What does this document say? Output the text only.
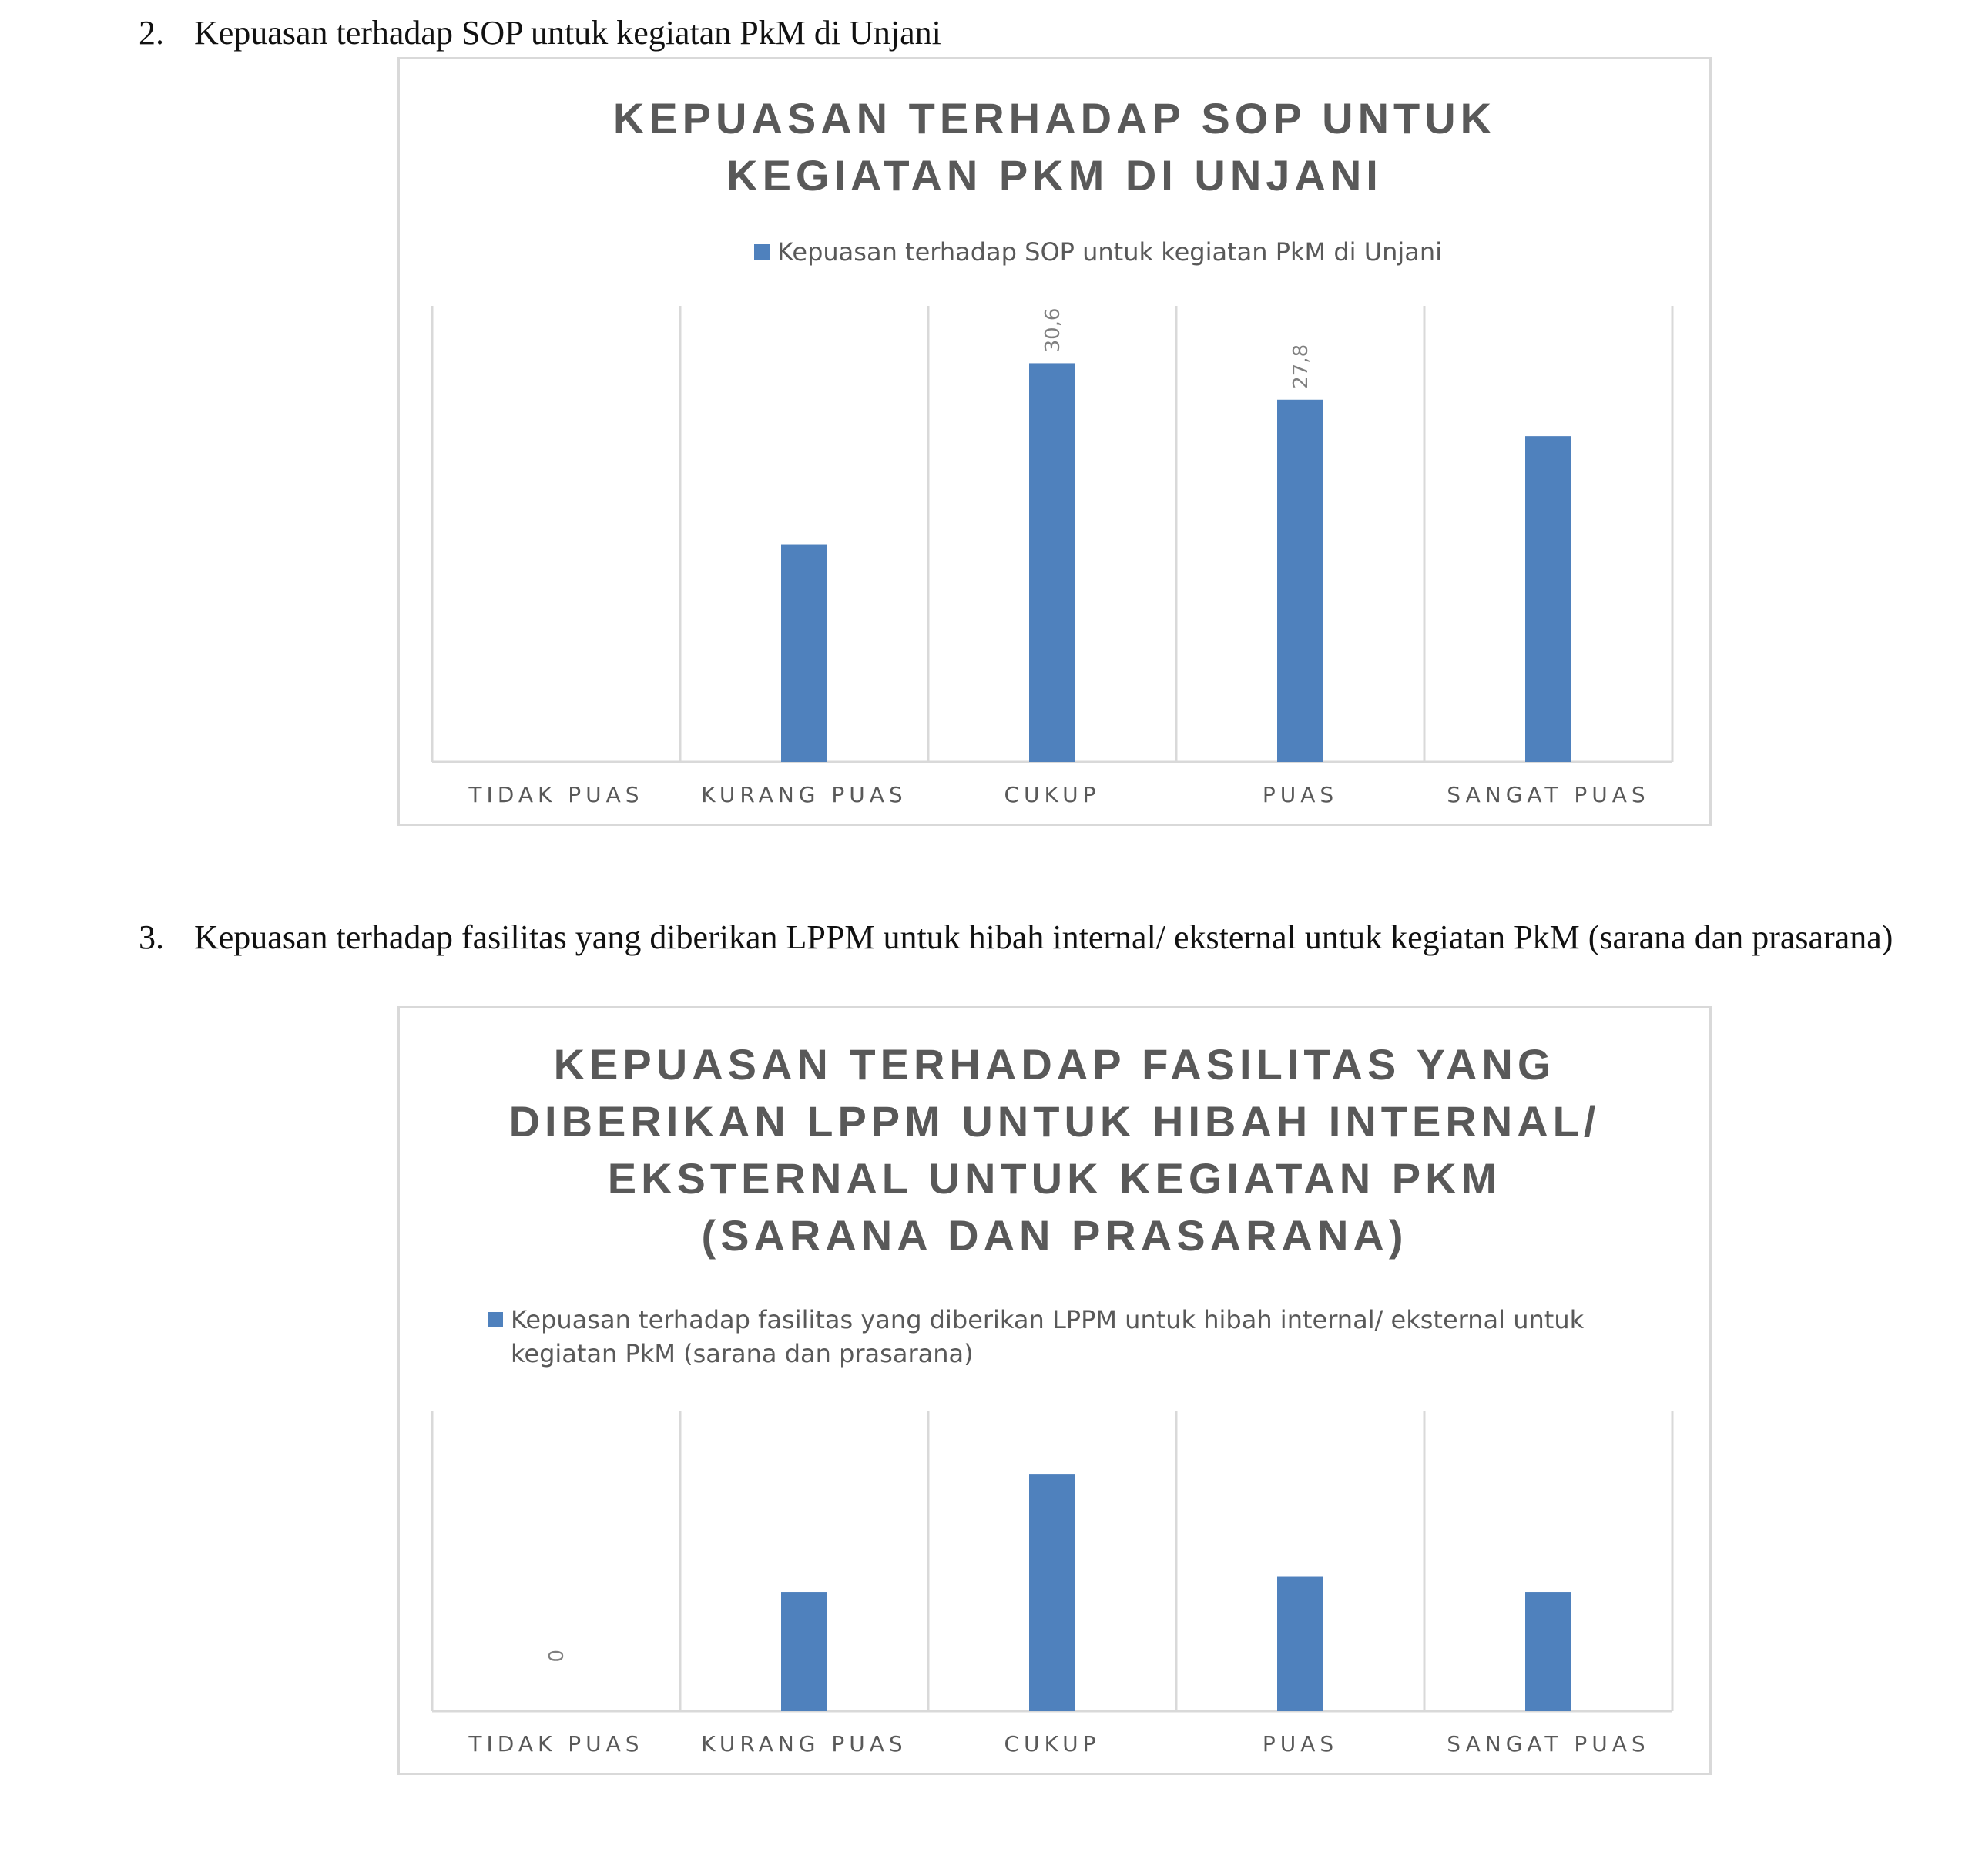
2. Kepuasan terhadap SOP untuk kegiatan PkM di Unjani
KEPUASAN TERHADAP SOP UNTUK
KEGIATAN PKM DI UNJANI
Kepuasan terhadap SOP untuk kegiatan PkM di Unjani
TIDAK PUAS	KURANG PUAS
30,6
CUKUP
27,8
PUAS	SANGAT PUAS
3. Kepuasan terhadap fasilitas yang diberikan LPPM untuk hibah internal/ eksternal untuk kegiatan PkM (sarana dan prasarana)
KEPUASAN TERHADAP FASILITAS YANG
DIBERIKAN LPPM UNTUK HIBAH INTERNAL/
EKSTERNAL UNTUK KEGIATAN PKM
(SARANA DAN PRASARANA)
Kepuasan terhadap fasilitas yang diberikan LPPM untuk hibah internal/ eksternal untuk kegiatan PkM (sarana dan prasarana)
0
TIDAK PUAS	KURANG PUAS	CUKUP	PUAS	SANGAT PUAS
